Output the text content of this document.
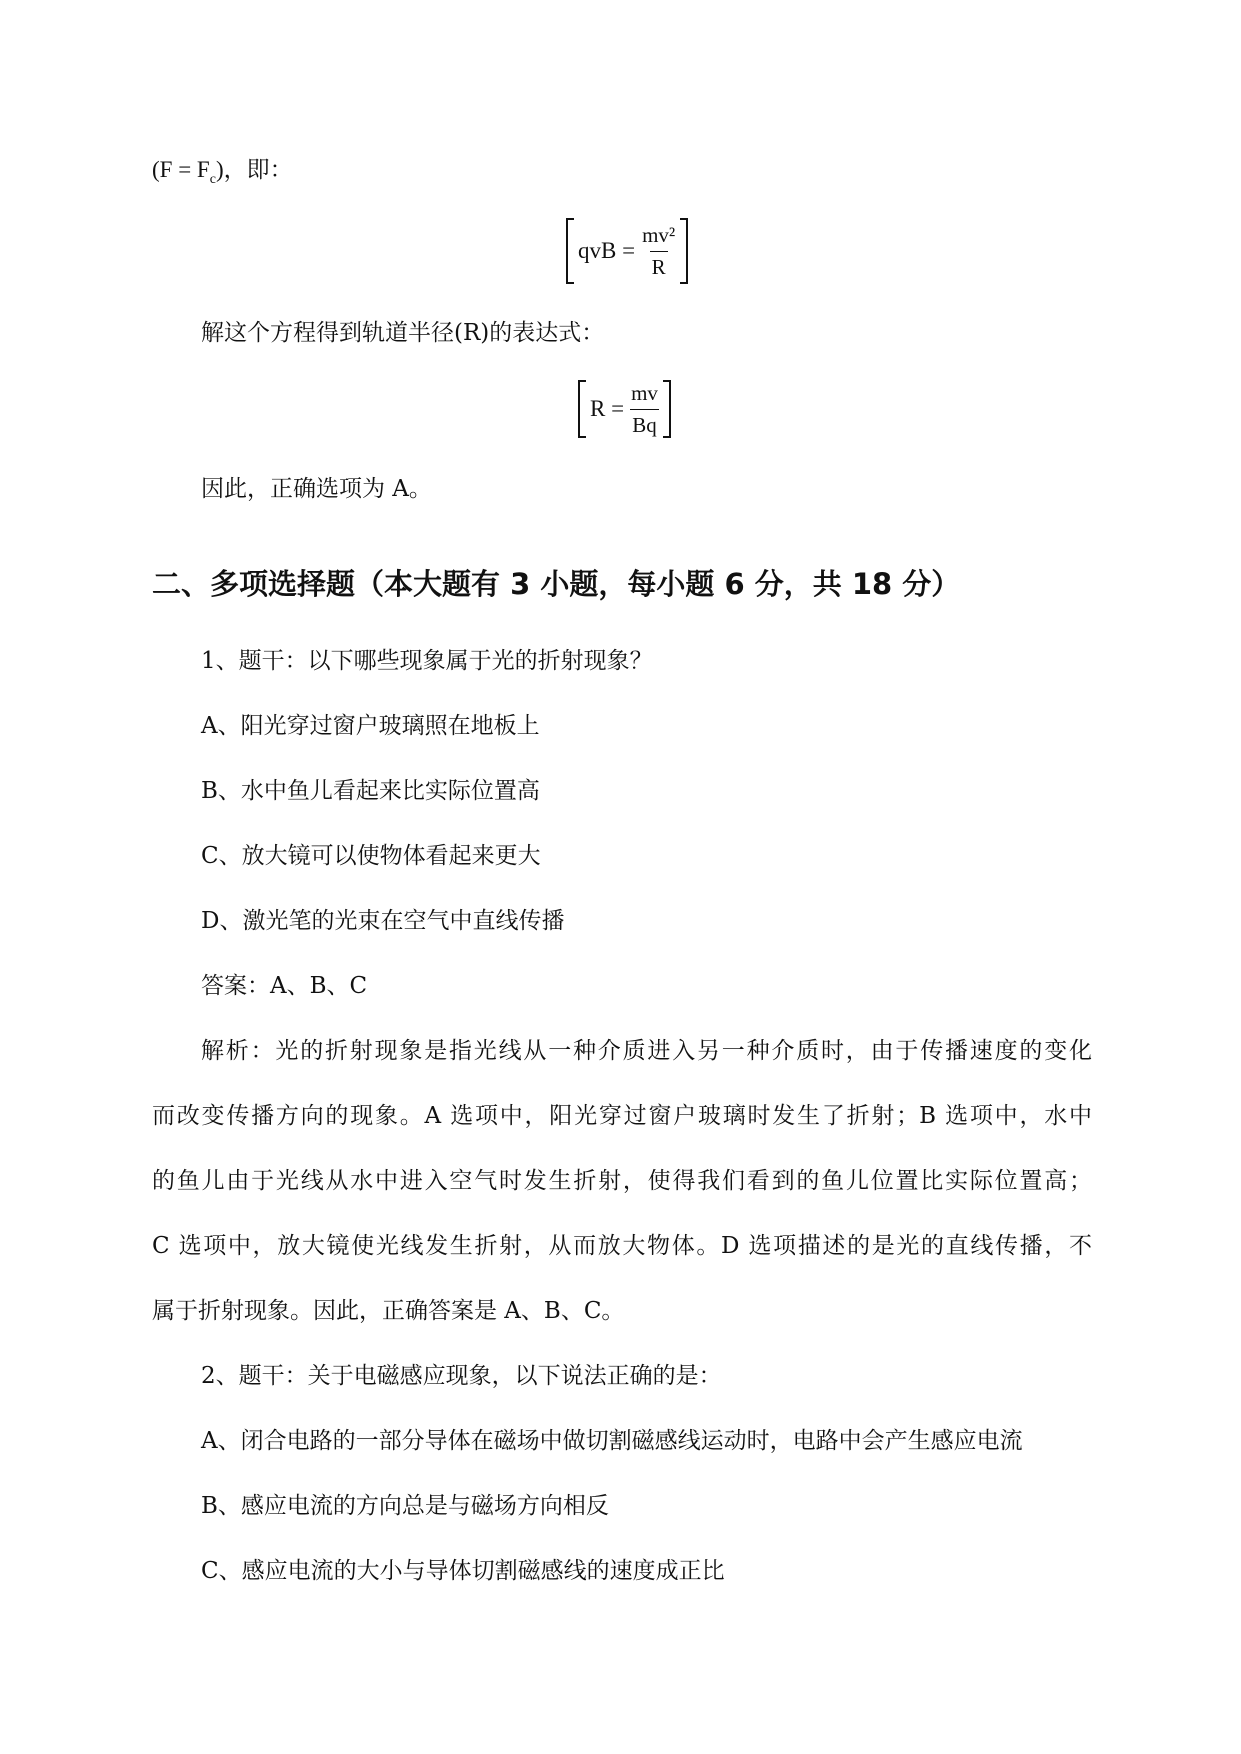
$(F = F_c)$，即：
qvB = $\frac{\text{mv²}}{R}$
解这个方程得到轨道半径(R)的表达式：
$R = \frac{mv}{Bq}$
因此，正确选项为 A。
二、多项选择题（本大题有 3 小题，每小题 6 分，共 18 分）
1、题干：以下哪些现象属于光的折射现象？
A、阳光穿过窗户玻璃照在地板上
B、水中鱼儿看起来比实际位置高
C、放大镜可以使物体看起来更大
D、激光笔的光束在空气中直线传播
答案：A、B、C
解析：光的折射现象是指光线从一种介质进入另一种介质时，由于传播速度的变化
而改变传播方向的现象。A 选项中，阳光穿过窗户玻璃时发生了折射；B 选项中，水中
的鱼儿由于光线从水中进入空气时发生折射，使得我们看到的鱼儿位置比实际位置高；
C 选项中，放大镜使光线发生折射，从而放大物体。D 选项描述的是光的直线传播，不
属于折射现象。因此，正确答案是 A、B、C。
2、题干：关于电磁感应现象，以下说法正确的是：
A、闭合电路的一部分导体在磁场中做切割磁感线运动时，电路中会产生感应电流
B、感应电流的方向总是与磁场方向相反
C、感应电流的大小与导体切割磁感线的速度成正比
